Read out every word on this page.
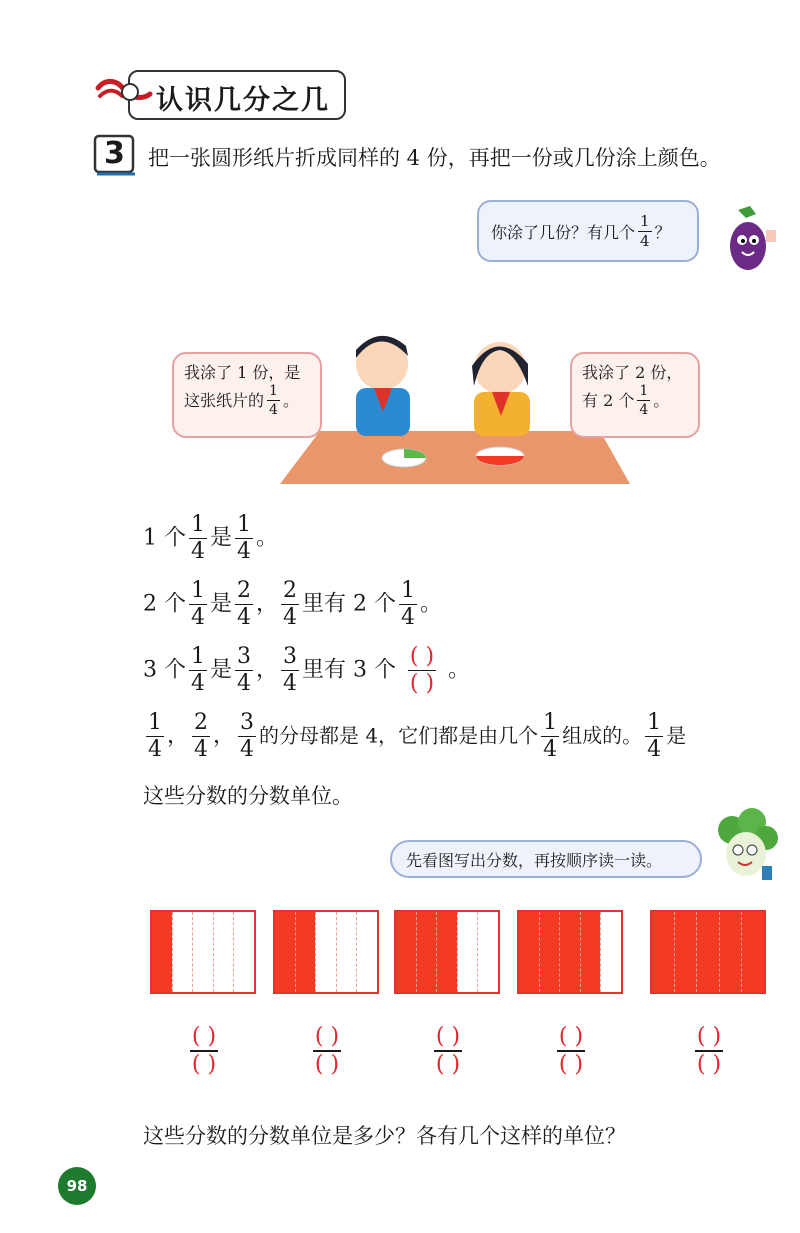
认识几分之几
3 把一张圆形纸片折成同样的 4 份，再把一份或几份涂上颜色。
你涂了几份？有几个 $\frac{1}{4}$ ？
我涂了 1 份，是
这张纸片的 $\frac{1}{4}$ 。
我涂了 2 份，
有 2 个 $\frac{1}{4}$ 。
1 个 $\frac{1}{4}$ 是 $\frac{1}{4}$ 。
2 个 $\frac{1}{4}$ 是 $\frac{2}{4}$ ， $\frac{2}{4}$ 里有 2 个 $\frac{1}{4}$ 。
3 个 $\frac{1}{4}$ 是 $\frac{3}{4}$ ， $\frac{3}{4}$ 里有 3 个 $\frac{( )}{( )}$ 。
$\frac{1}{4}$ ， $\frac{2}{4}$ ， $\frac{3}{4}$ 的分母都是 4，它们都是由几个 $\frac{1}{4}$ 组成的。 $\frac{1}{4}$ 是
这些分数的分数单位。
先看图写出分数，再按顺序读一读。
$\frac{( )}{( )}$	$\frac{( )}{( )}$	$\frac{( )}{( )}$	$\frac{( )}{( )}$	$\frac{( )}{( )}$
这些分数的分数单位是多少？各有几个这样的单位？
98
